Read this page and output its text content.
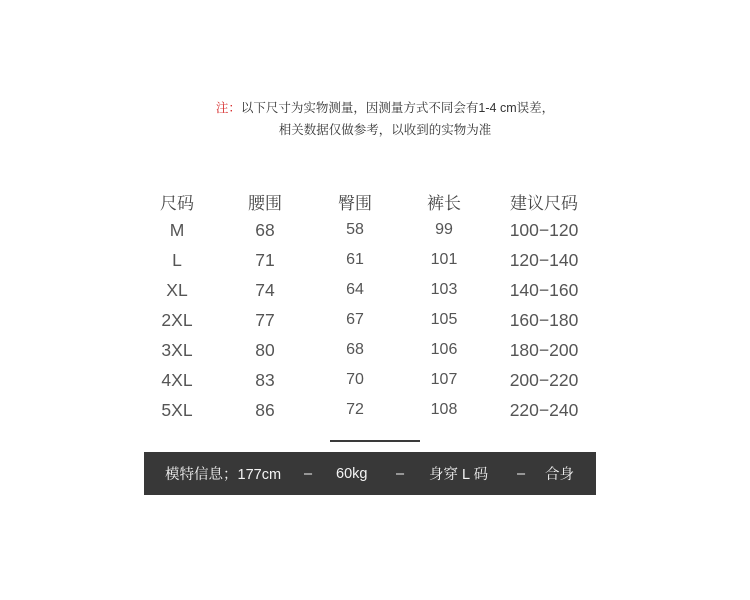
注：以下尺寸为实物测量，因测量方式不同会有1-4 cm误差，
相关数据仅做参考，以收到的实物为准
尺码	腰围	臀围	裤长	建议尺码
M	68	58	99	100−120
L	71	61	101	120−140
XL	74	64	103	140−160
2XL	77	67	105	160−180
3XL	80	68	106	180−200
4XL	83	70	107	200−220
5XL	86	72	108	220−240
模特信息；177cm – 60kg – 身穿 L 码 – 合身
